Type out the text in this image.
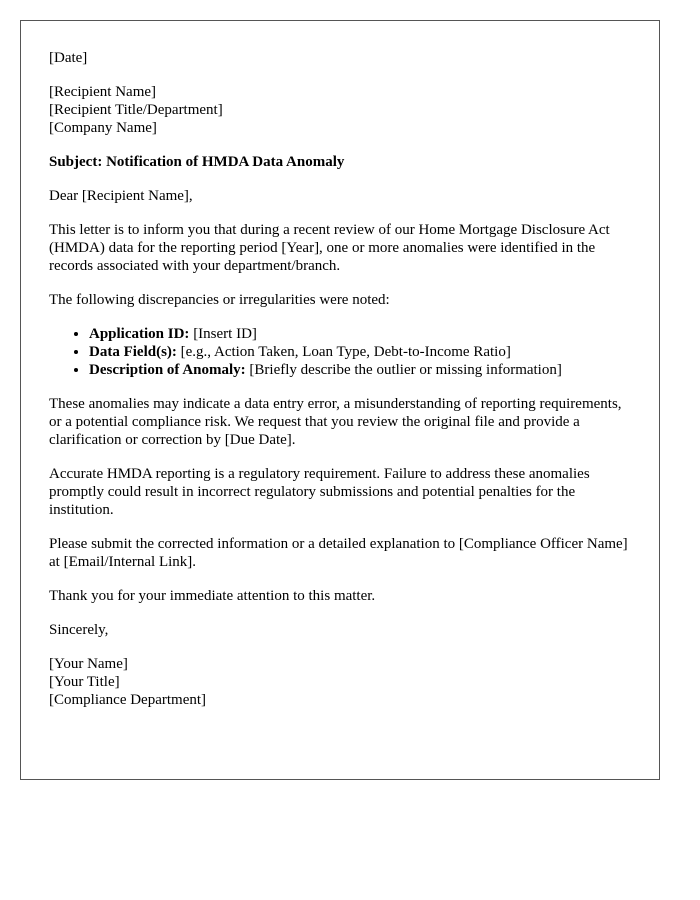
[Date]

[Recipient Name]
[Recipient Title/Department]
[Company Name]

Subject: Notification of HMDA Data Anomaly

Dear [Recipient Name],

This letter is to inform you that during a recent review of our Home Mortgage Disclosure Act (HMDA) data for the reporting period [Year], one or more anomalies were identified in the records associated with your department/branch.

The following discrepancies or irregularities were noted:

• Application ID: [Insert ID]
• Data Field(s): [e.g., Action Taken, Loan Type, Debt-to-Income Ratio]
• Description of Anomaly: [Briefly describe the outlier or missing information]

These anomalies may indicate a data entry error, a misunderstanding of reporting requirements, or a potential compliance risk. We request that you review the original file and provide a clarification or correction by [Due Date].

Accurate HMDA reporting is a regulatory requirement. Failure to address these anomalies promptly could result in incorrect regulatory submissions and potential penalties for the institution.

Please submit the corrected information or a detailed explanation to [Compliance Officer Name] at [Email/Internal Link].

Thank you for your immediate attention to this matter.

Sincerely,

[Your Name]
[Your Title]
[Compliance Department]
